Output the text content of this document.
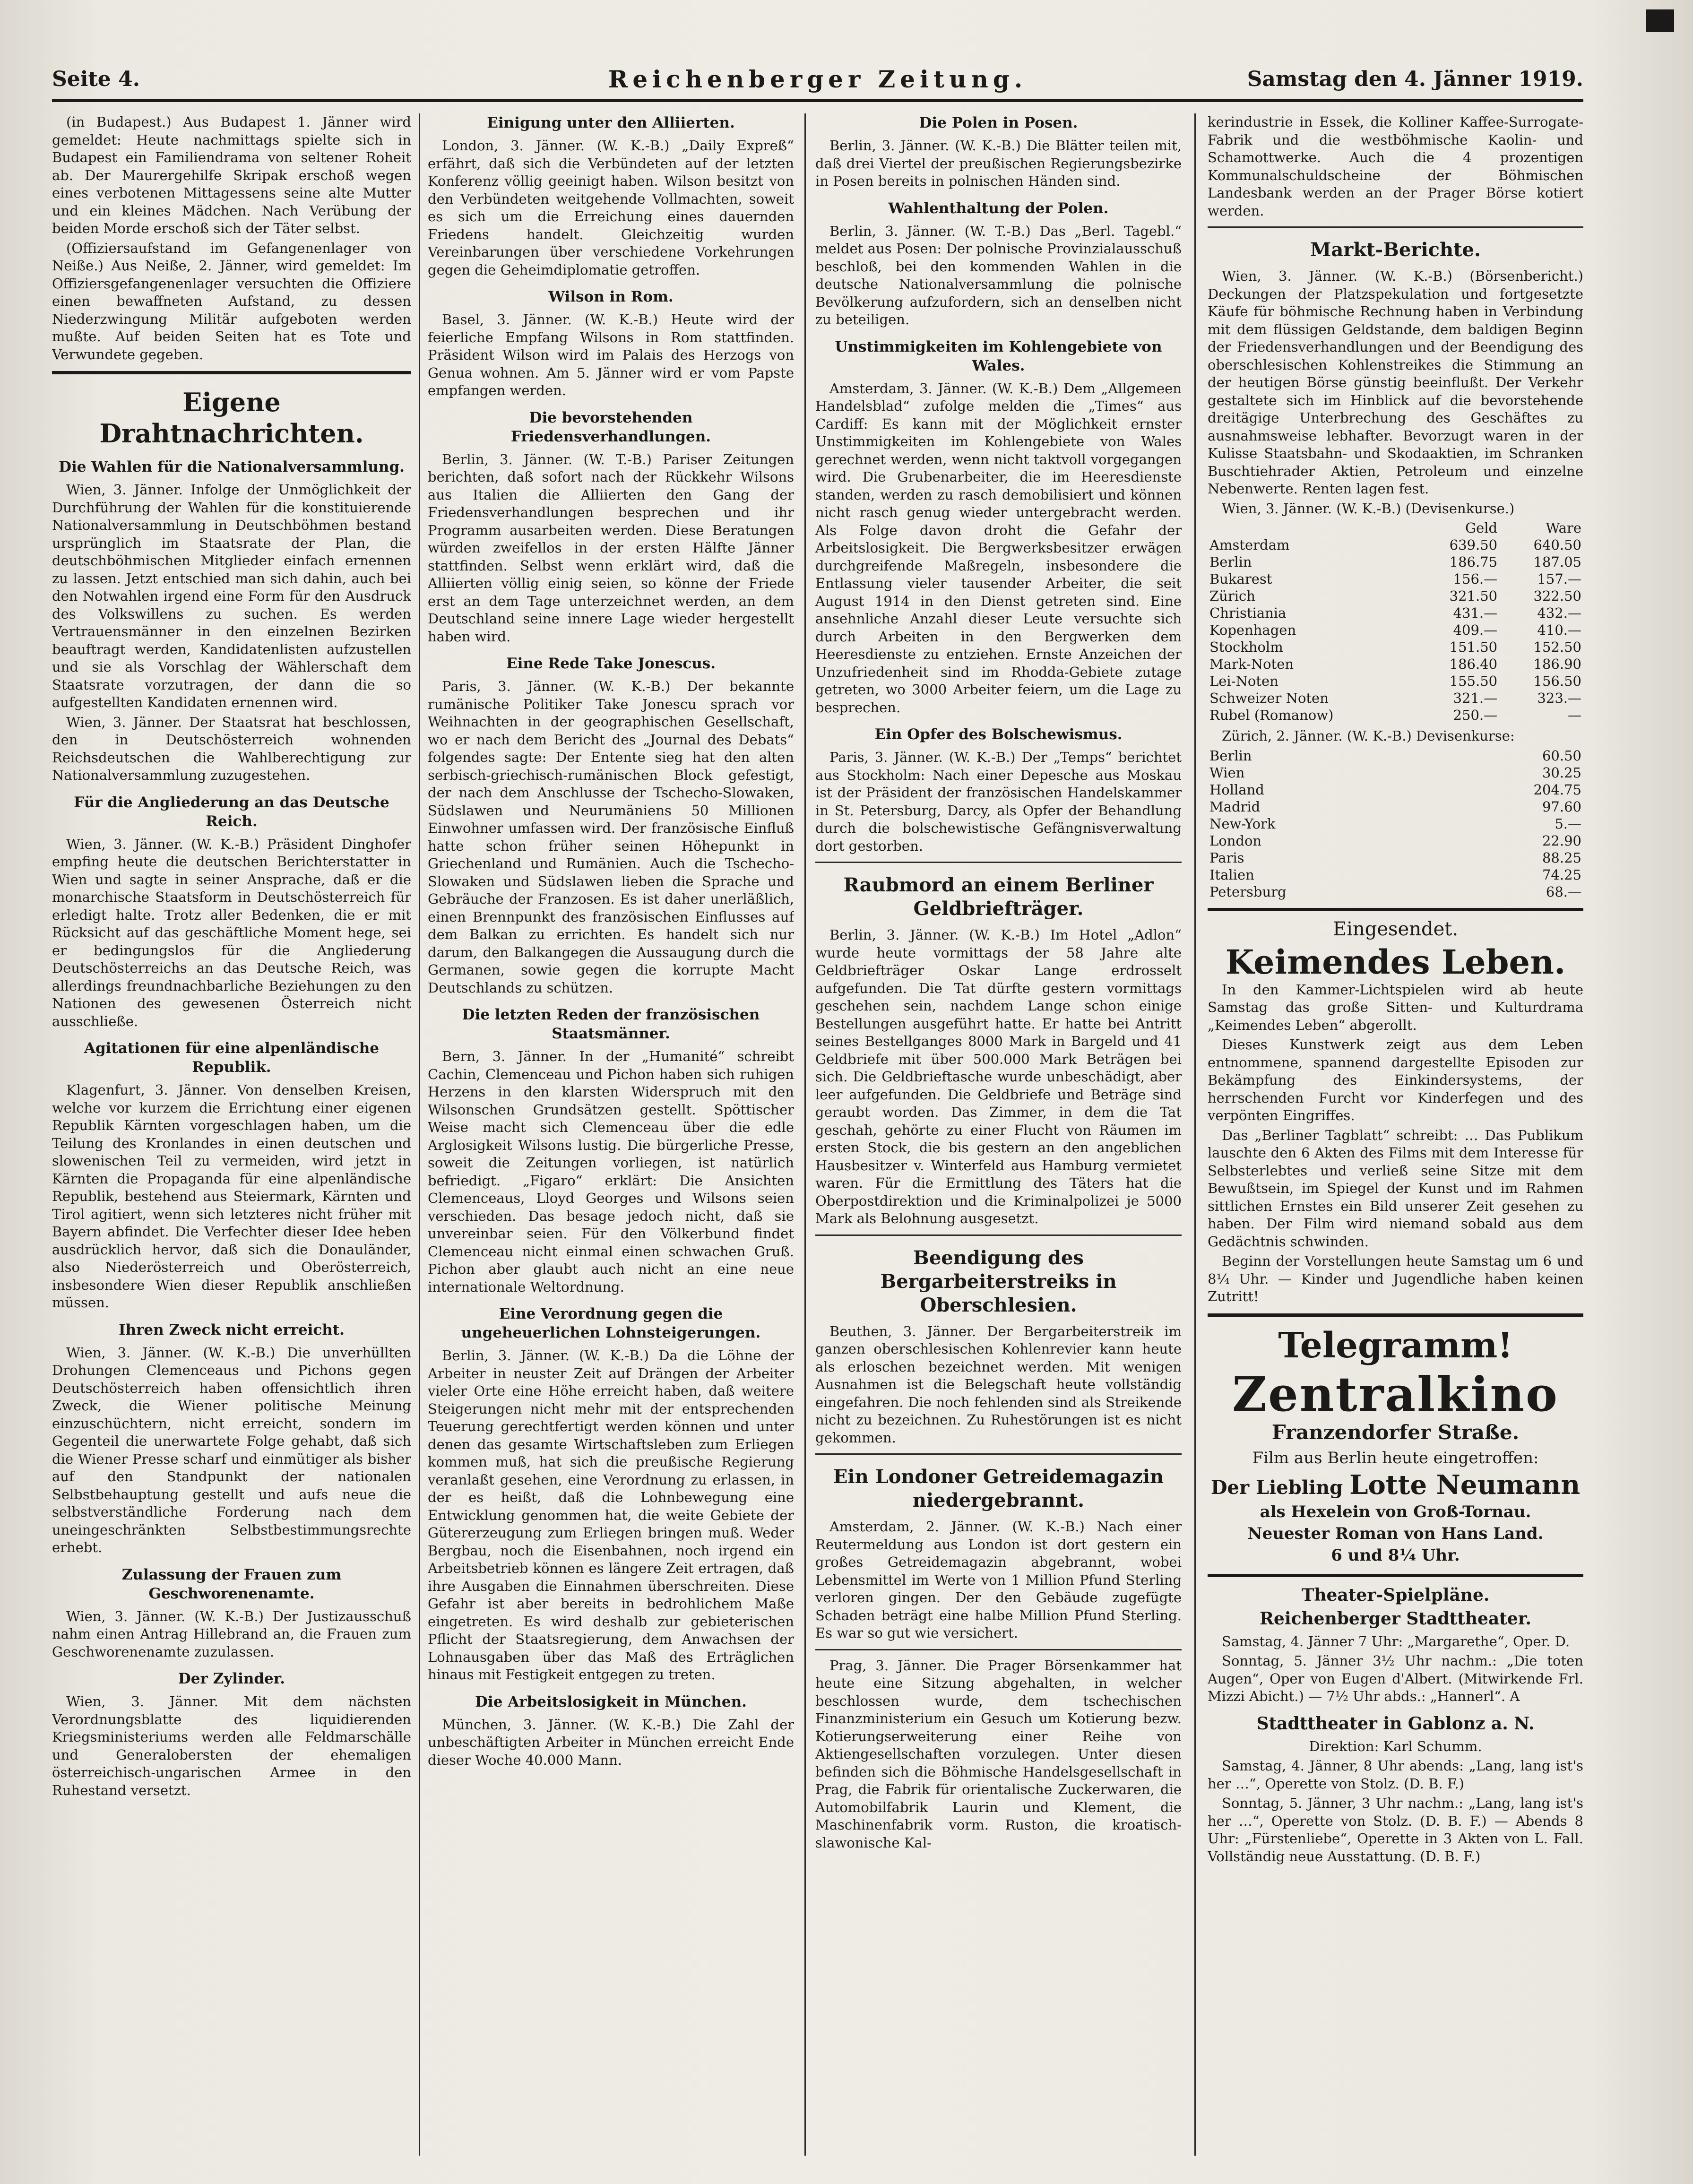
Seite 4.	Reichenberger Zeitung.	Samstag den 4. Jänner 1919.

(in Budapest.) Aus Budapest 1. Jänner wird gemeldet: Heute nachmittags spielte sich in Budapest ein Familiendrama von seltener Roheit ab. Der Maurergehilfe Skripak erschoß wegen eines verbotenen Mittagessens seine alte Mutter und ein kleines Mädchen. Nach Verübung der beiden Morde erschoß sich der Täter selbst.

(Offiziersaufstand im Gefangenenlager von Neiße.) Aus Neiße, 2. Jänner, wird gemeldet: Im Offiziersgefangenenlager versuchten die Offiziere einen bewaffneten Aufstand, zu dessen Niederzwingung Militär aufgeboten werden mußte. Auf beiden Seiten hat es Tote und Verwundete gegeben.

Eigene Drahtnachrichten.
Die Wahlen für die Nationalversammlung.

Wien, 3. Jänner. Infolge der Unmöglichkeit der Durchführung der Wahlen für die konstituierende Nationalversammlung in Deutschböhmen bestand ursprünglich im Staatsrate der Plan, die deutschböhmischen Mitglieder einfach ernennen zu lassen. Jetzt entschied man sich dahin, auch bei den Notwahlen irgend eine Form für den Ausdruck des Volkswillens zu suchen. Es werden Vertrauensmänner in den einzelnen Bezirken beauftragt werden, Kandidatenlisten aufzustellen und sie als Vorschlag der Wählerschaft dem Staatsrate vorzutragen, der dann die so aufgestellten Kandidaten ernennen wird.

Wien, 3. Jänner. Der Staatsrat hat beschlossen, den in Deutschösterreich wohnenden Reichsdeutschen die Wahlberechtigung zur Nationalversammlung zuzugestehen.

Für die Angliederung an das Deutsche Reich.

Wien, 3. Jänner. (W. K.-B.) Präsident Dinghofer empfing heute die deutschen Berichterstatter in Wien und sagte in seiner Ansprache, daß er die monarchische Staatsform in Deutschösterreich für erledigt halte. Trotz aller Bedenken, die er mit Rücksicht auf das geschäftliche Moment hege, sei er bedingungslos für die Angliederung Deutschösterreichs an das Deutsche Reich, was allerdings freundnachbarliche Beziehungen zu den Nationen des gewesenen Österreich nicht ausschließe.

Agitationen für eine alpenländische Republik.

Klagenfurt, 3. Jänner. Von denselben Kreisen, welche vor kurzem die Errichtung einer eigenen Republik Kärnten vorgeschlagen haben, um die Teilung des Kronlandes in einen deutschen und slowenischen Teil zu vermeiden, wird jetzt in Kärnten die Propaganda für eine alpenländische Republik, bestehend aus Steiermark, Kärnten und Tirol agitiert, wenn sich letzteres nicht früher mit Bayern abfindet. Die Verfechter dieser Idee heben ausdrücklich hervor, daß sich die Donauländer, also Niederösterreich und Oberösterreich, insbesondere Wien dieser Republik anschließen müssen.

Ihren Zweck nicht erreicht.

Wien, 3. Jänner. (W. K.-B.) Die unverhüllten Drohungen Clemenceaus und Pichons gegen Deutschösterreich haben offensichtlich ihren Zweck, die Wiener politische Meinung einzuschüchtern, nicht erreicht, sondern im Gegenteil die unerwartete Folge gehabt, daß sich die Wiener Presse scharf und einmütiger als bisher auf den Standpunkt der nationalen Selbstbehauptung gestellt und aufs neue die selbstverständliche Forderung nach dem uneingeschränkten Selbstbestimmungsrechte erhebt.

Zulassung der Frauen zum Geschworenenamte.

Wien, 3. Jänner. (W. K.-B.) Der Justizausschuß nahm einen Antrag Hillebrand an, die Frauen zum Geschworenenamte zuzulassen.

Der Zylinder.

Wien, 3. Jänner. Mit dem nächsten Verordnungsblatte des liquidierenden Kriegsministeriums werden alle Feldmarschälle und Generalobersten der ehemaligen österreichisch-ungarischen Armee in den Ruhestand versetzt.

Einigung unter den Alliierten.

London, 3. Jänner. (W. K.-B.) „Daily Expreß“ erfährt, daß sich die Verbündeten auf der letzten Konferenz völlig geeinigt haben. Wilson besitzt von den Verbündeten weitgehende Vollmachten, soweit es sich um die Erreichung eines dauernden Friedens handelt. Gleichzeitig wurden Vereinbarungen über verschiedene Vorkehrungen gegen die Geheimdiplomatie getroffen.

Wilson in Rom.

Basel, 3. Jänner. (W. K.-B.) Heute wird der feierliche Empfang Wilsons in Rom stattfinden. Präsident Wilson wird im Palais des Herzogs von Genua wohnen. Am 5. Jänner wird er vom Papste empfangen werden.

Die bevorstehenden Friedensverhandlungen.

Berlin, 3. Jänner. (W. T.-B.) Pariser Zeitungen berichten, daß sofort nach der Rückkehr Wilsons aus Italien die Alliierten den Gang der Friedensverhandlungen besprechen und ihr Programm ausarbeiten werden. Diese Beratungen würden zweifellos in der ersten Hälfte Jänner stattfinden. Selbst wenn erklärt wird, daß die Alliierten völlig einig seien, so könne der Friede erst an dem Tage unterzeichnet werden, an dem Deutschland seine innere Lage wieder hergestellt haben wird.

Eine Rede Take Jonescus.

Paris, 3. Jänner. (W. K.-B.) Der bekannte rumänische Politiker Take Jonescu sprach vor Weihnachten in der geographischen Gesellschaft, wo er nach dem Bericht des „Journal des Debats“ folgendes sagte: Der Entente sieg hat den alten serbisch-griechisch-rumänischen Block gefestigt, der nach dem Anschlusse der Tschecho-Slowaken, Südslawen und Neurumäniens 50 Millionen Einwohner umfassen wird. Der französische Einfluß hatte schon früher seinen Höhepunkt in Griechenland und Rumänien. Auch die Tschecho-Slowaken und Südslawen lieben die Sprache und Gebräuche der Franzosen. Es ist daher unerläßlich, einen Brennpunkt des französischen Einflusses auf dem Balkan zu errichten. Es handelt sich nur darum, den Balkangegen die Aussaugung durch die Germanen, sowie gegen die korrupte Macht Deutschlands zu schützen.

Die letzten Reden der französischen Staatsmänner.

Bern, 3. Jänner. In der „Humanité“ schreibt Cachin, Clemenceau und Pichon haben sich ruhigen Herzens in den klarsten Widerspruch mit den Wilsonschen Grundsätzen gestellt. Spöttischer Weise macht sich Clemenceau über die edle Arglosigkeit Wilsons lustig. Die bürgerliche Presse, soweit die Zeitungen vorliegen, ist natürlich befriedigt. „Figaro“ erklärt: Die Ansichten Clemenceaus, Lloyd Georges und Wilsons seien verschieden. Das besage jedoch nicht, daß sie unvereinbar seien. Für den Völkerbund findet Clemenceau nicht einmal einen schwachen Gruß. Pichon aber glaubt auch nicht an eine neue internationale Weltordnung.

Eine Verordnung gegen die ungeheuerlichen Lohnsteigerungen.

Berlin, 3. Jänner. (W. K.-B.) Da die Löhne der Arbeiter in neuster Zeit auf Drängen der Arbeiter vieler Orte eine Höhe erreicht haben, daß weitere Steigerungen nicht mehr mit der entsprechenden Teuerung gerechtfertigt werden können und unter denen das gesamte Wirtschaftsleben zum Erliegen kommen muß, hat sich die preußische Regierung veranlaßt gesehen, eine Verordnung zu erlassen, in der es heißt, daß die Lohnbewegung eine Entwicklung genommen hat, die weite Gebiete der Gütererzeugung zum Erliegen bringen muß. Weder Bergbau, noch die Eisenbahnen, noch irgend ein Arbeitsbetrieb können es längere Zeit ertragen, daß ihre Ausgaben die Einnahmen überschreiten. Diese Gefahr ist aber bereits in bedrohlichem Maße eingetreten. Es wird deshalb zur gebieterischen Pflicht der Staatsregierung, dem Anwachsen der Lohnausgaben über das Maß des Erträglichen hinaus mit Festigkeit entgegen zu treten.

Die Arbeitslosigkeit in München.

München, 3. Jänner. (W. K.-B.) Die Zahl der unbeschäftigten Arbeiter in München erreicht Ende dieser Woche 40.000 Mann.

Die Polen in Posen.

Berlin, 3. Jänner. (W. K.-B.) Die Blätter teilen mit, daß drei Viertel der preußischen Regierungsbezirke in Posen bereits in polnischen Händen sind.

Wahlenthaltung der Polen.

Berlin, 3. Jänner. (W. T.-B.) Das „Berl. Tagebl.“ meldet aus Posen: Der polnische Provinzialausschuß beschloß, bei den kommenden Wahlen in die deutsche Nationalversammlung die polnische Bevölkerung aufzufordern, sich an denselben nicht zu beteiligen.

Unstimmigkeiten im Kohlengebiete von Wales.

Amsterdam, 3. Jänner. (W. K.-B.) Dem „Allgemeen Handelsblad“ zufolge melden die „Times“ aus Cardiff: Es kann mit der Möglichkeit ernster Unstimmigkeiten im Kohlengebiete von Wales gerechnet werden, wenn nicht taktvoll vorgegangen wird. Die Grubenarbeiter, die im Heeresdienste standen, werden zu rasch demobilisiert und können nicht rasch genug wieder untergebracht werden. Als Folge davon droht die Gefahr der Arbeitslosigkeit. Die Bergwerksbesitzer erwägen durchgreifende Maßregeln, insbesondere die Entlassung vieler tausender Arbeiter, die seit August 1914 in den Dienst getreten sind. Eine ansehnliche Anzahl dieser Leute versuchte sich durch Arbeiten in den Bergwerken dem Heeresdienste zu entziehen. Ernste Anzeichen der Unzufriedenheit sind im Rhodda-Gebiete zutage getreten, wo 3000 Arbeiter feiern, um die Lage zu besprechen.

Ein Opfer des Bolschewismus.

Paris, 3. Jänner. (W. K.-B.) Der „Temps“ berichtet aus Stockholm: Nach einer Depesche aus Moskau ist der Präsident der französischen Handelskammer in St. Petersburg, Darcy, als Opfer der Behandlung durch die bolschewistische Gefängnisverwaltung dort gestorben.

Raubmord an einem Berliner Geldbriefträger.

Berlin, 3. Jänner. (W. K.-B.) Im Hotel „Adlon“ wurde heute vormittags der 58 Jahre alte Geldbriefträger Oskar Lange erdrosselt aufgefunden. Die Tat dürfte gestern vormittags geschehen sein, nachdem Lange schon einige Bestellungen ausgeführt hatte. Er hatte bei Antritt seines Bestellganges 8000 Mark in Bargeld und 41 Geldbriefe mit über 500.000 Mark Beträgen bei sich. Die Geldbrieftasche wurde unbeschädigt, aber leer aufgefunden. Die Geldbriefe und Beträge sind geraubt worden. Das Zimmer, in dem die Tat geschah, gehörte zu einer Flucht von Räumen im ersten Stock, die bis gestern an den angeblichen Hausbesitzer v. Winterfeld aus Hamburg vermietet waren. Für die Ermittlung des Täters hat die Oberpostdirektion und die Kriminalpolizei je 5000 Mark als Belohnung ausgesetzt.

Beendigung des Bergarbeiterstreiks in Oberschlesien.

Beuthen, 3. Jänner. Der Bergarbeiterstreik im ganzen oberschlesischen Kohlenrevier kann heute als erloschen bezeichnet werden. Mit wenigen Ausnahmen ist die Belegschaft heute vollständig eingefahren. Die noch fehlenden sind als Streikende nicht zu bezeichnen. Zu Ruhestörungen ist es nicht gekommen.

Ein Londoner Getreidemagazin niedergebrannt.

Amsterdam, 2. Jänner. (W. K.-B.) Nach einer Reutermeldung aus London ist dort gestern ein großes Getreidemagazin abgebrannt, wobei Lebensmittel im Werte von 1 Million Pfund Sterling verloren gingen. Der den Gebäude zugefügte Schaden beträgt eine halbe Million Pfund Sterling. Es war so gut wie versichert.

Prag, 3. Jänner. Die Prager Börsenkammer hat heute eine Sitzung abgehalten, in welcher beschlossen wurde, dem tschechischen Finanzministerium ein Gesuch um Kotierung bezw. Kotierungserweiterung einer Reihe von Aktiengesellschaften vorzulegen. Unter diesen befinden sich die Böhmische Handelsgesellschaft in Prag, die Fabrik für orientalische Zuckerwaren, die Automobilfabrik Laurin und Klement, die Maschinenfabrik vorm. Ruston, die kroatisch-slawonische Kal-

kerindustrie in Essek, die Kolliner Kaffee-Surrogate-Fabrik und die westböhmische Kaolin- und Schamottwerke. Auch die 4 prozentigen Kommunalschuldscheine der Böhmischen Landesbank werden an der Prager Börse kotiert werden.

Markt-Berichte.

Wien, 3. Jänner. (W. K.-B.) (Börsenbericht.) Deckungen der Platzspekulation und fortgesetzte Käufe für böhmische Rechnung haben in Verbindung mit dem flüssigen Geldstande, dem baldigen Beginn der Friedensverhandlungen und der Beendigung des oberschlesischen Kohlenstreikes die Stimmung an der heutigen Börse günstig beeinflußt. Der Verkehr gestaltete sich im Hinblick auf die bevorstehende dreitägige Unterbrechung des Geschäftes zu ausnahmsweise lebhafter. Bevorzugt waren in der Kulisse Staatsbahn- und Skodaaktien, im Schranken Buschtiehrader Aktien, Petroleum und einzelne Nebenwerte. Renten lagen fest.

Wien, 3. Jänner. (W. K.-B.) (Devisenkurse.)

	Geld	Ware
Amsterdam	639.50	640.50
Berlin	186.75	187.05
Bukarest	156.—	157.—
Zürich	321.50	322.50
Christiania	431.—	432.—
Kopenhagen	409.—	410.—
Stockholm	151.50	152.50
Mark-Noten	186.40	186.90
Lei-Noten	155.50	156.50
Schweizer Noten	321.—	323.—
Rubel (Romanow)	250.—	—

Zürich, 2. Jänner. (W. K.-B.) Devisenkurse:

Berlin	60.50
Wien	30.25
Holland	204.75
Madrid	97.60
New-York	5.—
London	22.90
Paris	88.25
Italien	74.25
Petersburg	68.—
Eingesendet.
Keimendes Leben.

In den Kammer-Lichtspielen wird ab heute Samstag das große Sitten- und Kulturdrama „Keimendes Leben“ abgerollt.

Dieses Kunstwerk zeigt aus dem Leben entnommene, spannend dargestellte Episoden zur Bekämpfung des Einkindersystems, der herrschenden Furcht vor Kinderfegen und des verpönten Eingriffes.

Das „Berliner Tagblatt“ schreibt: … Das Publikum lauschte den 6 Akten des Films mit dem Interesse für Selbsterlebtes und verließ seine Sitze mit dem Bewußtsein, im Spiegel der Kunst und im Rahmen sittlichen Ernstes ein Bild unserer Zeit gesehen zu haben. Der Film wird niemand sobald aus dem Gedächtnis schwinden.

Beginn der Vorstellungen heute Samstag um 6 und 8¼ Uhr. — Kinder und Jugendliche haben keinen Zutritt!

Telegramm!
Zentralkino
Franzendorfer Straße.
Film aus Berlin heute eingetroffen:
Der Liebling Lotte Neumann
als Hexelein von Groß-Tornau.
Neuester Roman von Hans Land.
6 und 8¼ Uhr.
Theater-Spielpläne.
Reichenberger Stadttheater.

Samstag, 4. Jänner 7 Uhr: „Margarethe“, Oper. D.

Sonntag, 5. Jänner 3½ Uhr nachm.: „Die toten Augen“, Oper von Eugen d'Albert. (Mitwirkende Frl. Mizzi Abicht.) — 7½ Uhr abds.: „Hannerl“. A

Stadttheater in Gablonz a. N.

Direktion: Karl Schumm.

Samstag, 4. Jänner, 8 Uhr abends: „Lang, lang ist's her …“, Operette von Stolz. (D. B. F.)

Sonntag, 5. Jänner, 3 Uhr nachm.: „Lang, lang ist's her …“, Operette von Stolz. (D. B. F.) — Abends 8 Uhr: „Fürstenliebe“, Operette in 3 Akten von L. Fall. Vollständig neue Ausstattung. (D. B. F.)
